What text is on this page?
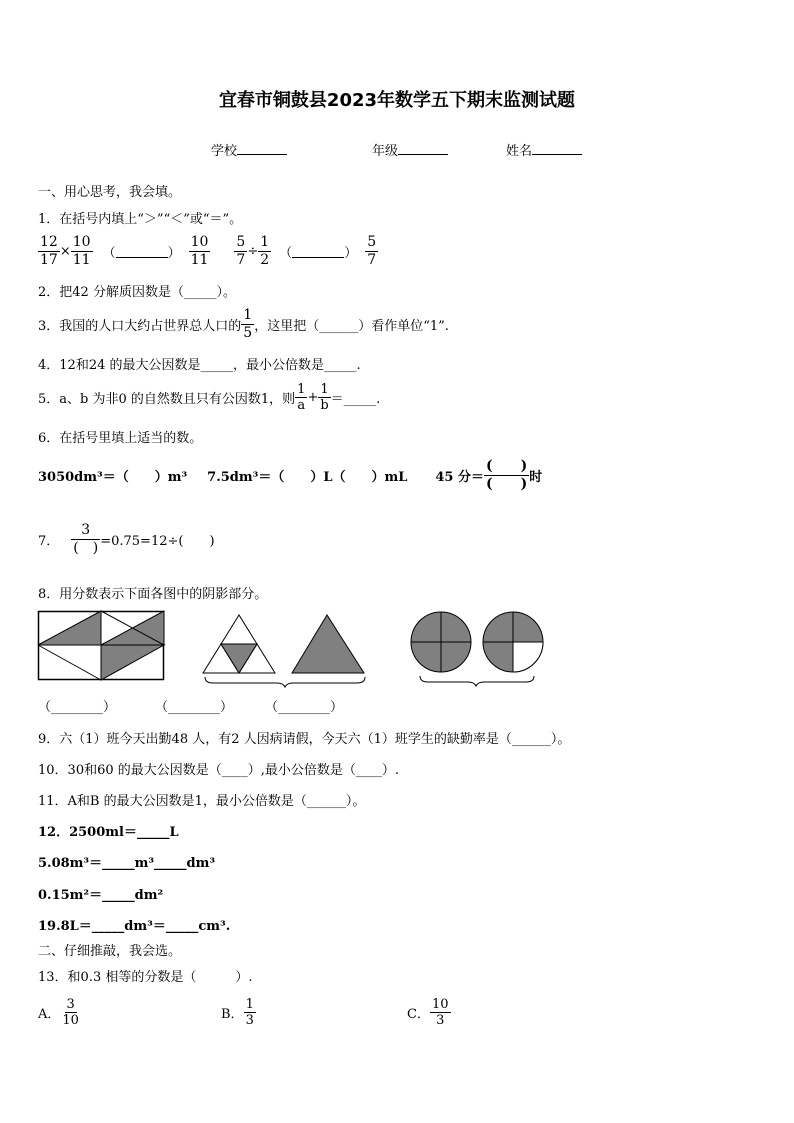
宜春市铜鼓县2023年数学五下期末监测试题
学校	年级	姓名
一、用心思考，我会填。
1．在括号内填上“＞”“＜”或“＝”。
$\frac{12}{17} \times \frac{10}{11}$ （	） $\frac{10}{11} \frac{5}{7} \div \frac{1}{2}$ （	） $\frac{5}{7}$
2．把42 分解质因数是（_____）。
3．我国的人口大约占世界总人口的 $\frac{1}{5}$ ，这里把（______）看作单位“1”.
4．12和24 的最大公因数是_____，最小公倍数是_____.
5．a、b 为非0 的自然数且只有公因数1，则 $\frac{1}{a} + \frac{1}{b}$ ＝_____.
6．在括号里填上适当的数。
3050dm³＝（　　）m³ 7.5dm³＝（　　）L（　　）mL 45 分＝ $\frac{( )}{( )}$ 时
7． $\frac{3}{( )} =0.75=12\div$(　　)
8．用分数表示下面各图中的阴影部分。
（________）	（________） （________）
9．六（1）班今天出勤48 人，有2 人因病请假，今天六（1）班学生的缺勤率是（______）。
10．30和60 的最大公因数是（____）,最小公倍数是（____）.
11．A和B 的最大公因数是1，最小公倍数是（______）。
12．2500ml＝_____L
5.08m³＝_____m³_____dm³
0.15m²＝_____dm²
19.8L＝_____dm³＝_____cm³.
二、仔细推敲，我会选。
13．和0.3 相等的分数是（　　　）.
A． $\frac{3}{10}$	B． $\frac{1}{3}$	C． $\frac{10}{3}$
